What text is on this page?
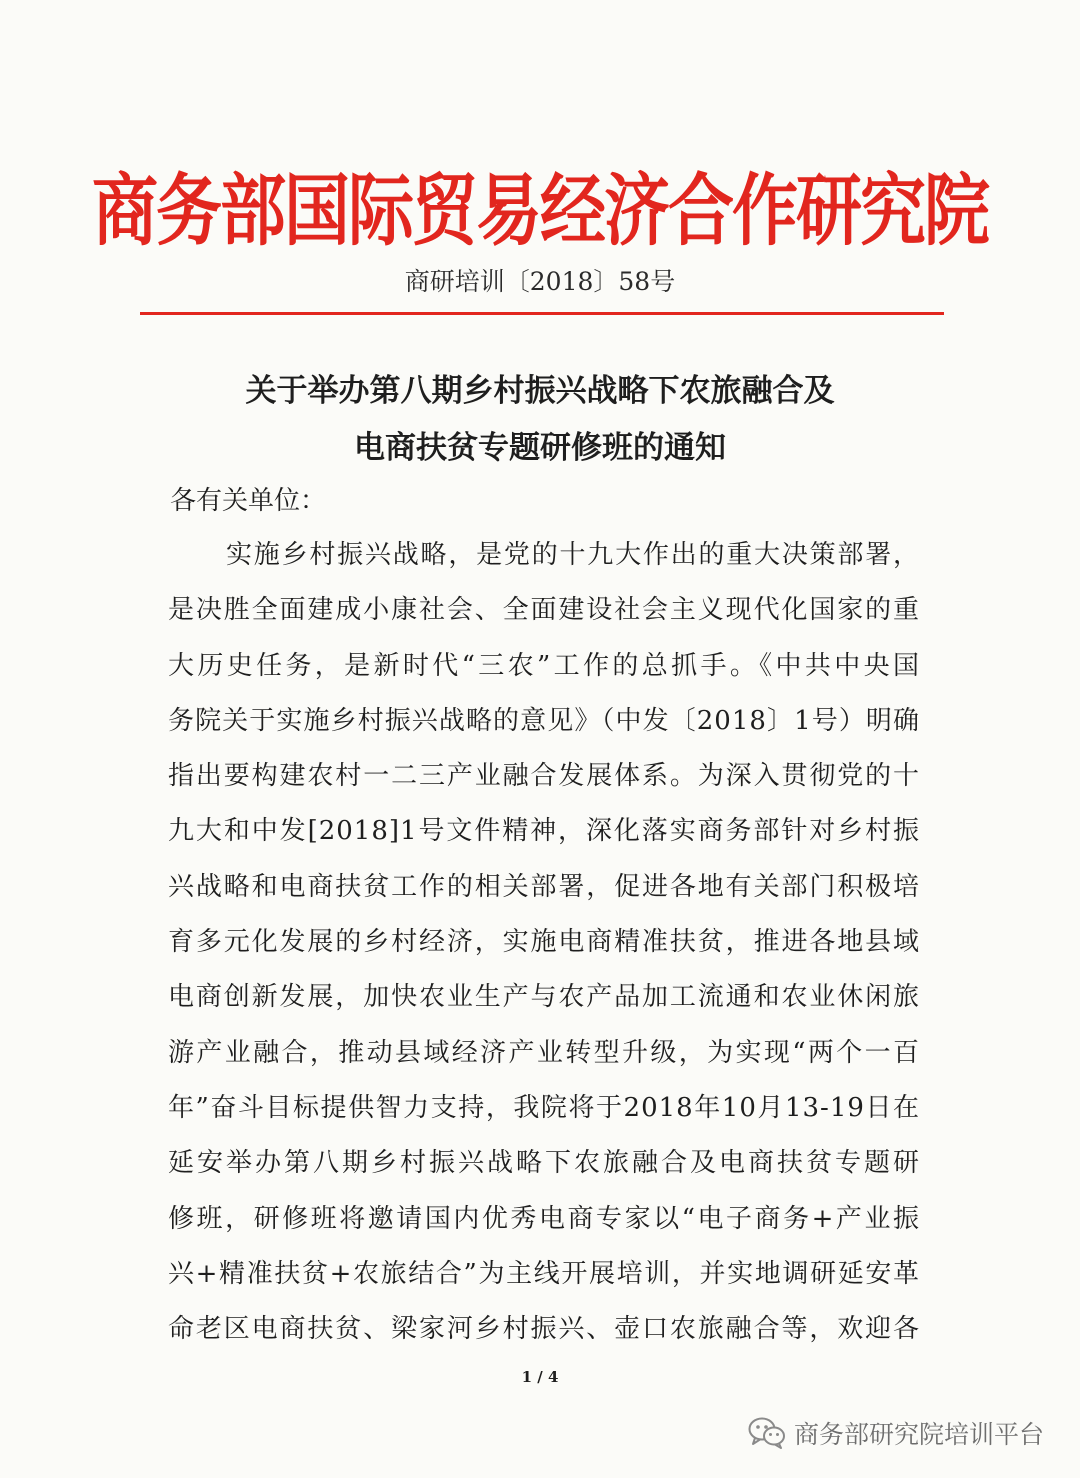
商务部国际贸易经济合作研究院
商研培训〔2018〕58号
关于举办第八期乡村振兴战略下农旅融合及
电商扶贫专题研修班的通知
各有关单位：
实施乡村振兴战略，是党的十九大作出的重大决策部署，
是决胜全面建成小康社会、全面建设社会主义现代化国家的重
大历史任务，是新时代“三农”工作的总抓手。《中共中央国
务院关于实施乡村振兴战略的意见》（中发〔2018〕1号）明确
指出要构建农村一二三产业融合发展体系。为深入贯彻党的十
九大和中发[2018]1号文件精神，深化落实商务部针对乡村振
兴战略和电商扶贫工作的相关部署，促进各地有关部门积极培
育多元化发展的乡村经济，实施电商精准扶贫，推进各地县域
电商创新发展，加快农业生产与农产品加工流通和农业休闲旅
游产业融合，推动县域经济产业转型升级，为实现“两个一百
年”奋斗目标提供智力支持，我院将于2018年10月13-19日在
延安举办第八期乡村振兴战略下农旅融合及电商扶贫专题研
修班，研修班将邀请国内优秀电商专家以“电子商务+产业振
兴+精准扶贫+农旅结合”为主线开展培训，并实地调研延安革
命老区电商扶贫、梁家河乡村振兴、壶口农旅融合等，欢迎各
1 / 4
商务部研究院培训平台
